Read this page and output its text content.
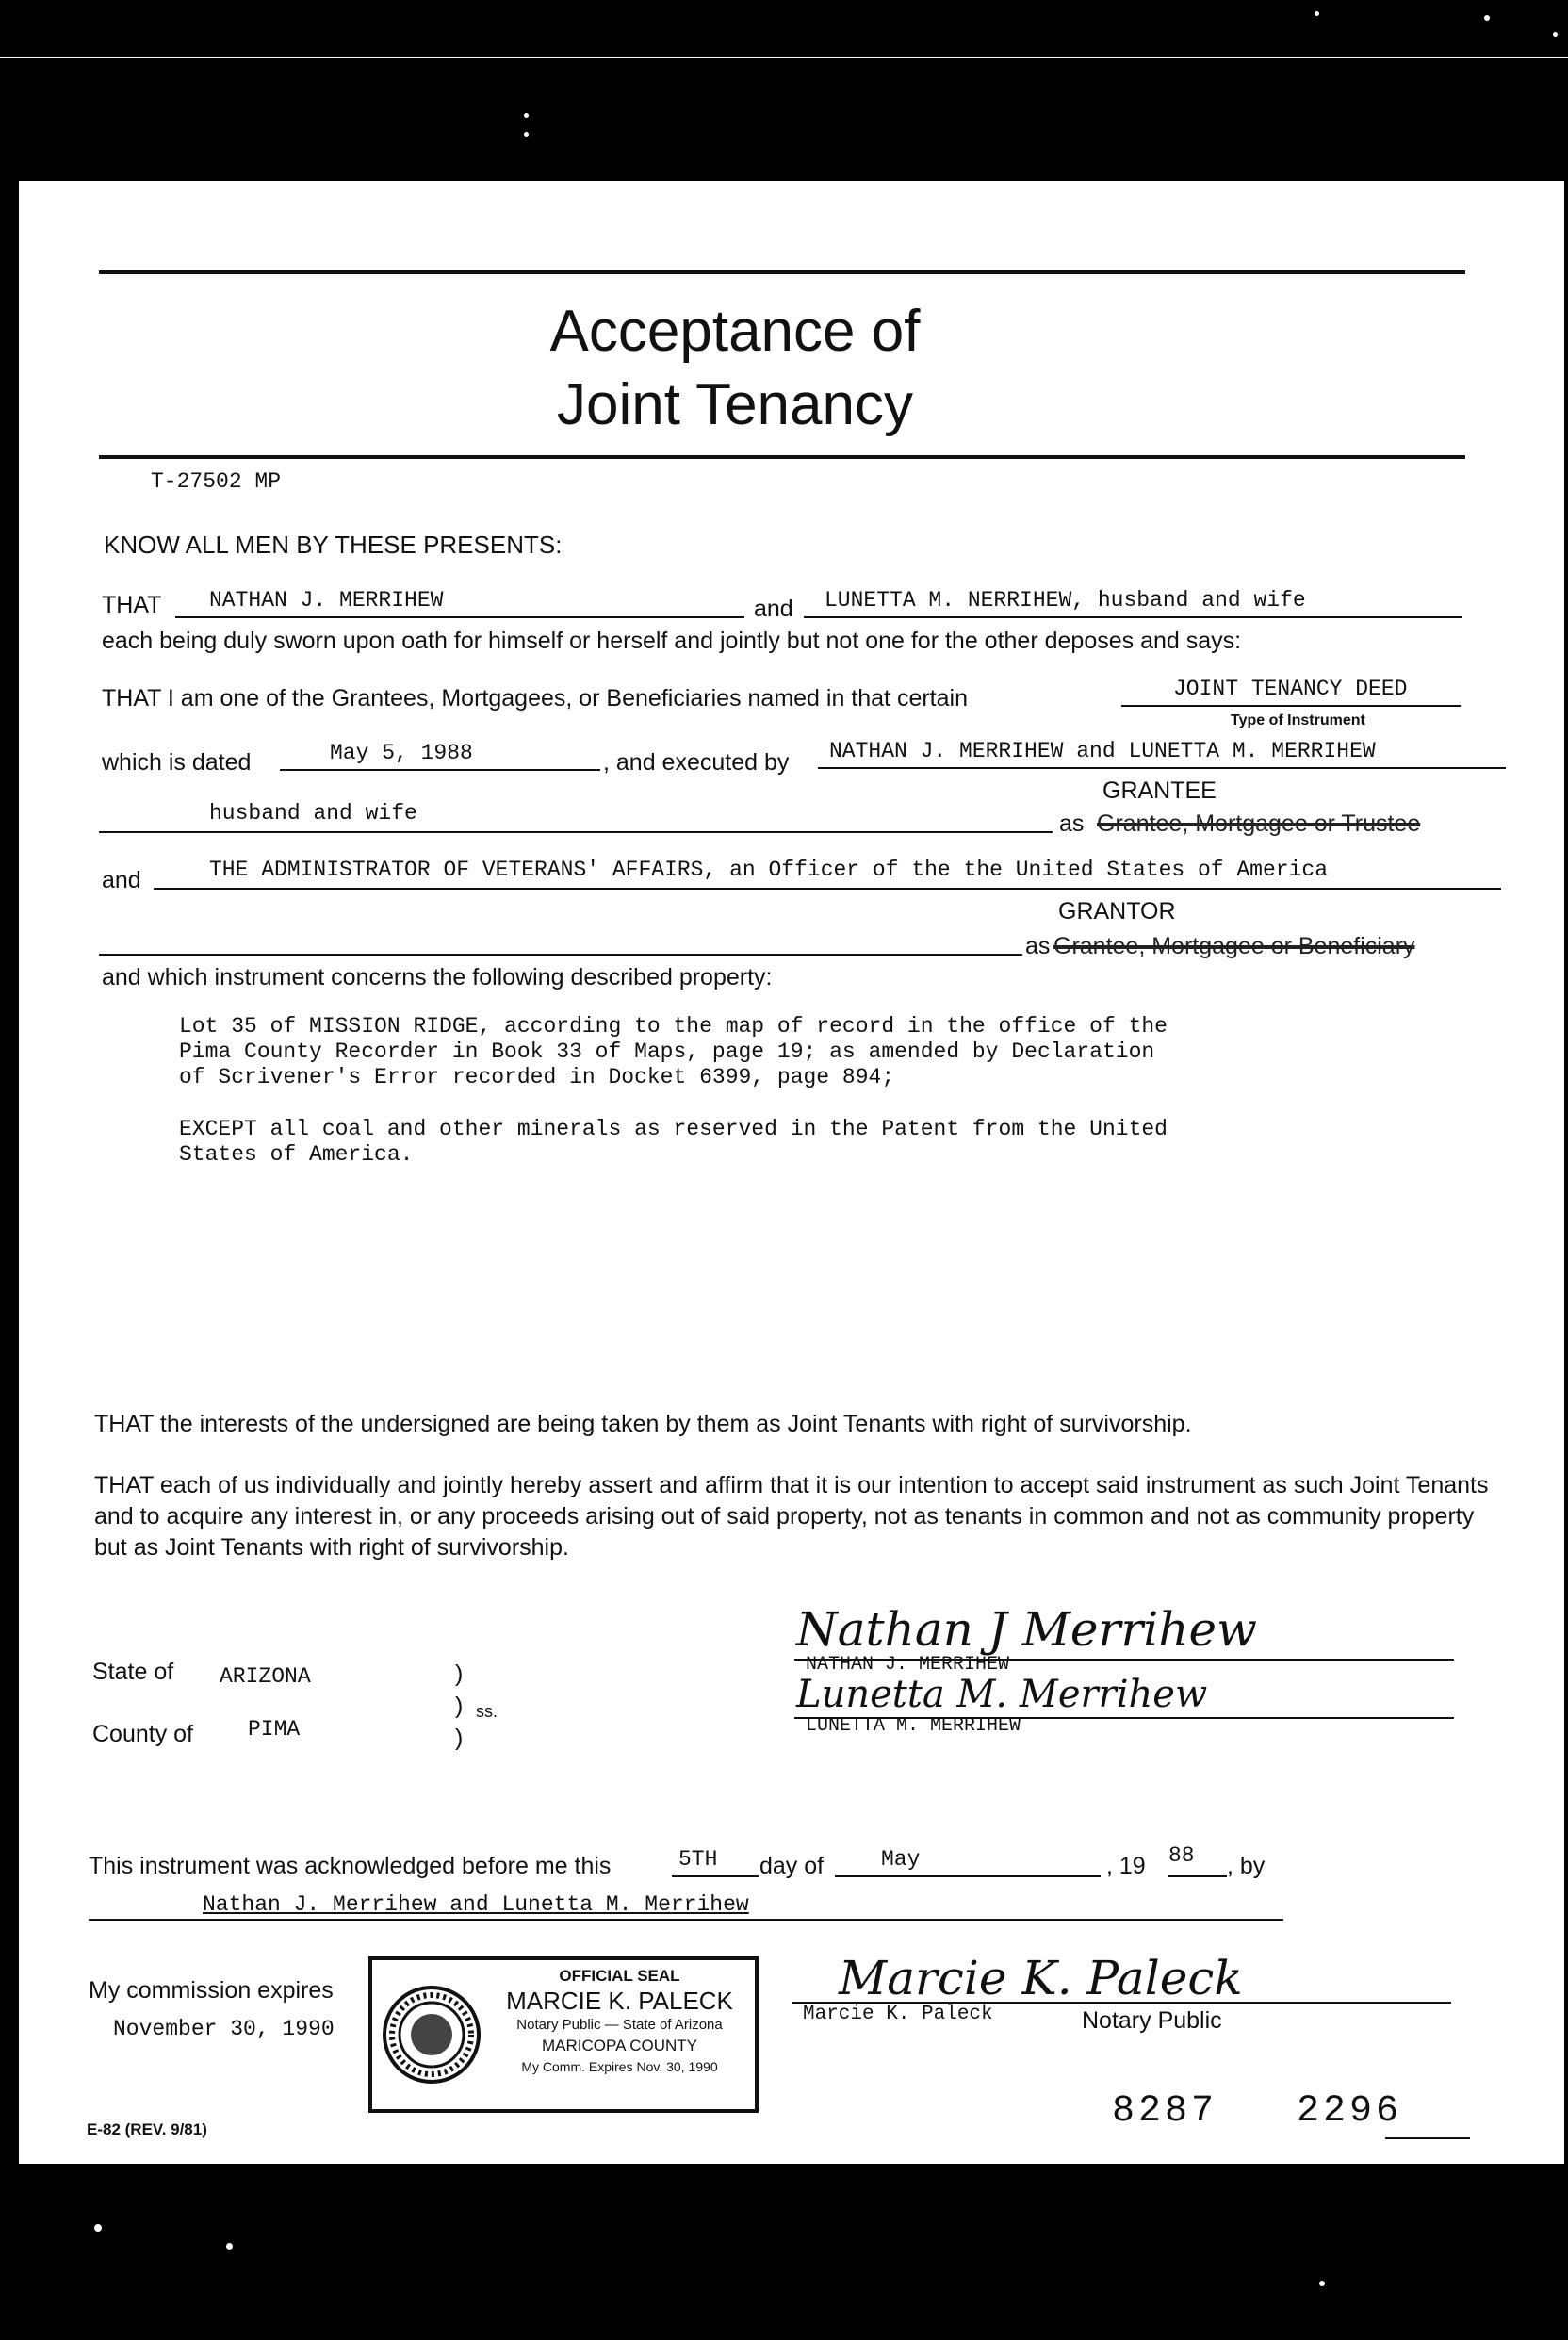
Acceptance of
Joint Tenancy
T-27502 MP
KNOW ALL MEN BY THESE PRESENTS:
THAT NATHAN J. MERRIHEW	and LUNETTA M. NERRIHEW, husband and wife
each being duly sworn upon oath for himself or herself and jointly but not one for the other deposes and says:
THAT I am one of the Grantees, Mortgagees, or Beneficiaries named in that certain	JOINT TENANCY DEED
Type of Instrument
which is dated	May 5, 1988	, and executed by NATHAN J. MERRIHEW and LUNETTA M. MERRIHEW
GRANTEE
husband and wife	as Grantee, Mortgagee or Trustee
and	THE ADMINISTRATOR OF VETERANS' AFFAIRS, an Officer of the the United States of America
GRANTOR
as Grantee, Mortgagee or Beneficiary
and which instrument concerns the following described property:
Lot 35 of MISSION RIDGE, according to the map of record in the office of the
Pima County Recorder in Book 33 of Maps, page 19; as amended by Declaration
of Scrivener's Error recorded in Docket 6399, page 894;
EXCEPT all coal and other minerals as reserved in the Patent from the United
States of America.
THAT the interests of the undersigned are being taken by them as Joint Tenants with right of survivorship.
THAT each of us individually and jointly hereby assert and affirm that it is our intention to accept said instrument as such Joint Tenants and to acquire any interest in, or any proceeds arising out of said property, not as tenants in common and not as community property but as Joint Tenants with right of survivorship.
Nathan J Merrihew
NATHAN J. MERRIHEW
Lunetta M. Merrihew
LUNETTA M. MERRIHEW
State of ARIZONA
County of	PIMA
)
)
)
ss.
This instrument was acknowledged before me this	5TH day of	May	, 19 88 , by
Nathan J. Merrihew and Lunetta M. Merrihew
My commission expires
November 30, 1990
OFFICIAL SEAL
MARCIE K. PALECK
Notary Public — State of Arizona
MARICOPA COUNTY
My Comm. Expires Nov. 30, 1990
Marcie K. Paleck
Marcie K. Paleck	Notary Public
E-82 (REV. 9/81)	8287   2296
